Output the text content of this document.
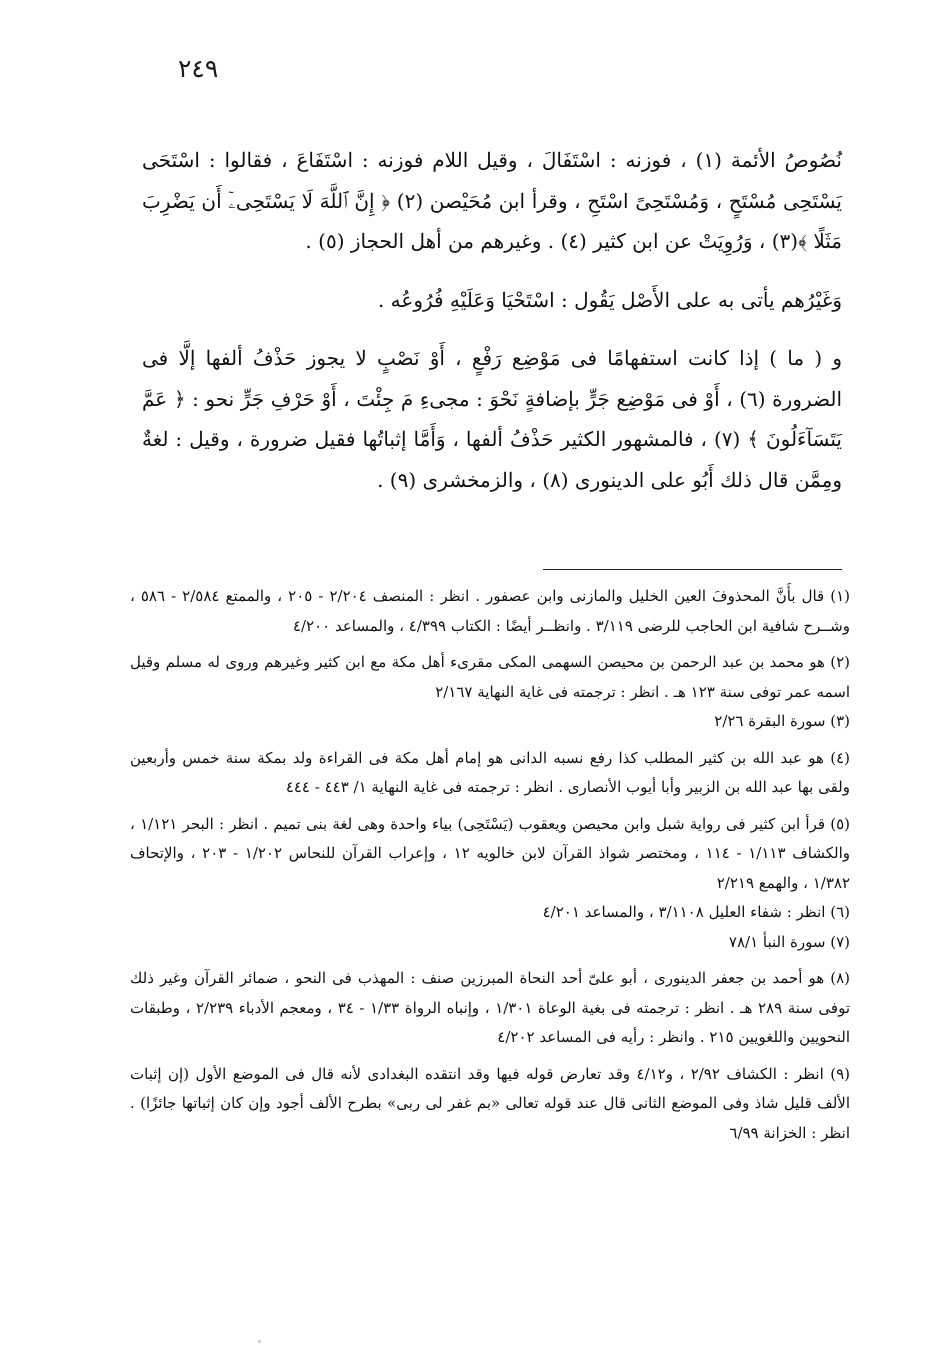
٢٤٩

نُصُوصُ الأئمة (١) ، فوزنه : اسْتَفَالَ ، وقيل اللام فوزنه : اسْتَفَاعَ ، فقالوا : اسْتَحَى يَسْتَحِى مُسْتَحٍ ، وَمُسْتَحِىً اسْتَحِ ، وقرأ ابن مُحَيْصن (٢) ﴿ إِنَّ ٱللَّهَ لَا يَسْتَحِىۦٓ أَن يَضْرِبَ مَثَلًا ﴾(٣) ، وَرُوِيَتْ عن ابن كثير (٤) . وغيرهم من أهل الحجاز (٥) .

وَغَيْرُهم يأتى به على الأَصْل يَقُول : اسْتَحْيَا وَعَلَيْهِ فُرُوعُه .

و ( ما ) إذا كانت استفهامًا فى مَوْضِع رَفْعٍ ، أَوْ نَصْبٍ لا يجوز حَذْفُ ألفها إلَّا فى الضرورة (٦) ، أَوْ فى مَوْضِع جَرٍّ بإضافةٍ نَحْوَ : مجىءِ مَ جِئْتَ ، أَوْ حَرْفِ جَرٍّ نحو : ﴿ عَمَّ يَتَسَآءَلُونَ ﴾ (٧) ، فالمشهور الكثير حَذْفُ ألفها ، وَأَمَّا إثباتُها فقيل ضرورة ، وقيل : لغةٌ ومِمَّن قال ذلك أَبُو على الدينورى (٨) ، والزمخشرى (٩) .

(١) قال بأَنَّ المحذوفَ العين الخليل والمازنى وابن عصفور . انظر : المنصف ٢/٢٠٤ - ٢٠٥ ، والممتع ٢/٥٨٤ - ٥٨٦ ، وشــرح شافية ابن الحاجب للرضى ٣/١١٩ . وانظــر أيضًا : الكتاب ٤/٣٩٩ ، والمساعد ٤/٢٠٠

(٢) هو محمد بن عبد الرحمن بن محيصن السهمى المكى مقرىء أهل مكة مع ابن كثير وغيرهم وروى له مسلم وقيل اسمه عمر توفى سنة ١٢٣ هـ . انظر : ترجمته فى غاية النهاية ٢/١٦٧

(٣) سورة البقرة ٢/٢٦

(٤) هو عبد الله بن كثير المطلب كذا رفع نسبه الدانى هو إمام أهل مكة فى القراءة ولد بمكة سنة خمس وأربعين ولقى بها عبد الله بن الزبير وأبا أيوب الأنصارى . انظر : ترجمته فى غاية النهاية ١/ ٤٤٣ - ٤٤٤

(٥) قرأ ابن كثير فى رواية شبل وابن محيصن ويعقوب (يَسْتَحِى) بياء واحدة وهى لغة بنى تميم . انظر : البحر ١/١٢١ ، والكشاف ١/١١٣ - ١١٤ ، ومختصر شواذ القرآن لابن خالويه ١٢ ، وإعراب القرآن للنحاس ١/٢٠٢ - ٢٠٣ ، والإتحاف ١/٣٨٢ ، والهمع ٢/٢١٩

(٦) انظر : شفاء العليل ٣/١١٠٨ ، والمساعد ٤/٢٠١

(٧) سورة النبأ ٧٨/١

(٨) هو أحمد بن جعفر الدينورى ، أبو علىّ أحد النحاة المبرزين صنف : المهذب فى النحو ، ضمائر القرآن وغير ذلك توفى سنة ٢٨٩ هـ . انظر : ترجمته فى بغية الوعاة ١/٣٠١ ، وإنباه الرواة ١/٣٣ - ٣٤ ، ومعجم الأدباء ٢/٢٣٩ ، وطبقات النحويين واللغويين ٢١٥ . وانظر : رأيه فى المساعد ٤/٢٠٢

(٩) انظر : الكشاف ٢/٩٢ ، و٤/١٢ وقد تعارض قوله فيها وقد انتقده البغدادى لأنه قال فى الموضع الأول (إن إثبات الألف قليل شاذ وفى الموضع الثانى قال عند قوله تعالى «بم غفر لى ربى» بطرح الألف أجود وإن كان إثباتها جائزًا) . انظر : الخزانة ٦/٩٩
